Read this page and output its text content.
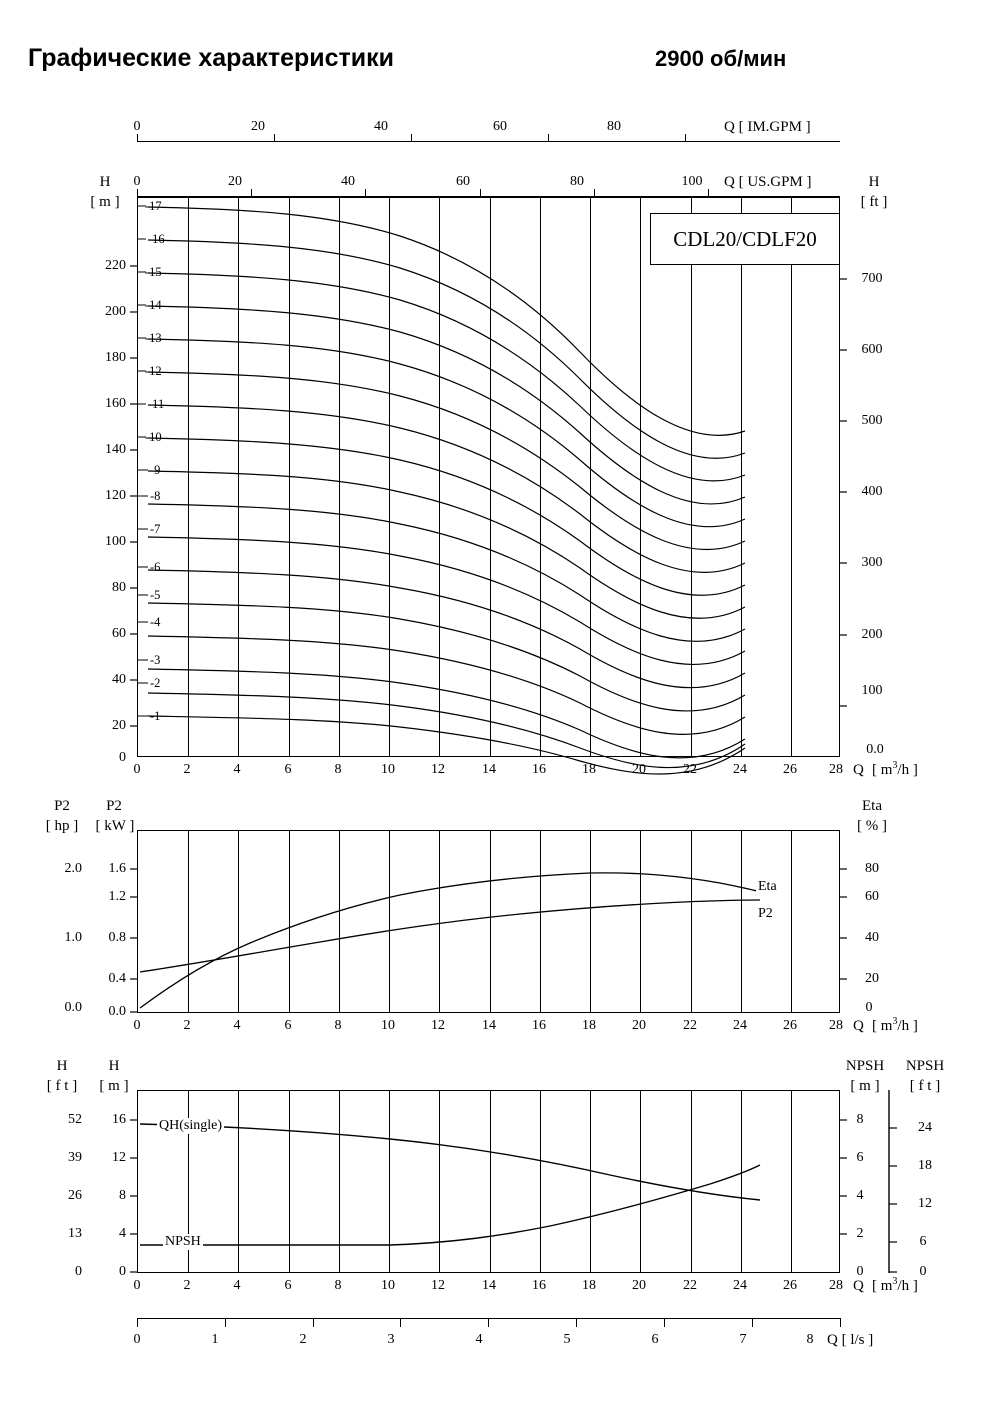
Графические характеристики	2900 об/мин
0	20	40	60	80	Q [ IM.GPM ]
0	20	40	60	80	100	Q [ US.GPM ]
H
[ m ]
H
[ ft ]
-17
-16
-15
-14
-13
-12
-11
-10
-9
-8
-7
-6
-5
-4
-3
-2
-1
CDL20/CDLF20
220
200
180
160
140
120
100
80
60
40
20
0
700
600
500
400
300
200
100
0.0
0	2	4	6	8	10	12	14	16	18	20	22	24	26	28 Q [ $m^3/h$ ]
P2
[ hp ]
P2
[ kW ]
Eta
[ % ]
Eta
P2
2.0
1.0
0.0
1.6
1.2
0.8
0.4
0.0
80
60
40
20
0
0	2	4	6	8	10	12	14	16	18	20	22	24	26	28 Q [ $m^3/h$ ]
H
[ f t ]
H
[ m ]
NPSH
[ m ]
NPSH
[ f t ]
QH(single)
NPSH
52
39
26
13
0
16
12
8
4
0
8
6
4
2
0
24
18
12
6
0
0	2	4	6	8	10	12	14	16	18	20	22	24	26	28 Q [ $m^3/h$ ]
0	1	2	3	4	5	6	7	8 Q [ l/s ]
